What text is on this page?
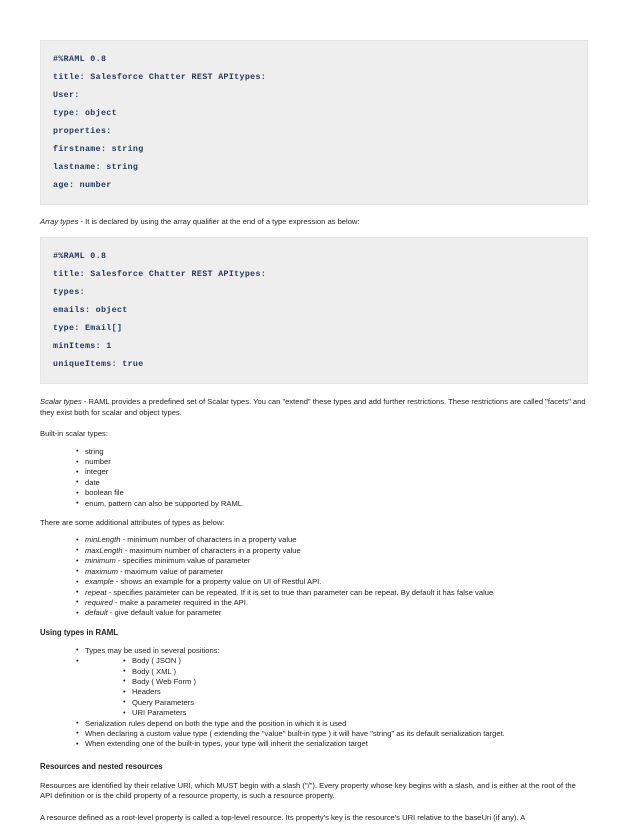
#%RAML 0.8
title: Salesforce Chatter REST APItypes:
User:
type: object
properties:
firstname: string
lastname: string
age: number

Array types - It is declared by using the array qualifier at the end of a type expression as below:

#%RAML 0.8
title: Salesforce Chatter REST APItypes:
types:
emails: object
type: Email[]
minItems: 1
uniqueItems: true

Scalar types - RAML provides a predefined set of Scalar types. You can "extend" these types and add further restrictions. These restrictions are called "facets" and they exist both for scalar and object types.

Built-in scalar types:

• string
• number
• integer
• date
• boolean file
• enum, pattern can also be supported by RAML.

There are some additional attributes of types as below:

• minLength - minimum number of characters in a property value
• maxLength - maximum number of characters in a property value
• minimum - specifies minimum value of parameter
• maximum - maximum value of parameter
• example - shows an example for a property value on UI of Restful API.
• repeat - specifies parameter can be repeated. If it is set to true than parameter can be repeat. By default it has false value
• required - make a parameter required in the API.
• default - give default value for parameter

Using types in RAML

• Types may be used in several positions:
• • Body ( JSON )
• Body ( XML )
• Body ( Web Form )
• Headers
• Query Parameters
• URI Parameters
• Serialization rules depend on both the type and the position in which it is used
• When declaring a custom value type ( extending the "value" built-in type ) it will have "string" as its default serialization target.
• When extending one of the built-in types, your type will inherit the serialization target

Resources and nested resources

Resources are identified by their relative URI, which MUST begin with a slash ("/"). Every property whose key begins with a slash, and is either at the root of the API definition or is the child property of a resource property, is such a resource property.

A resource defined as a root-level property is called a top-level resource. Its property's key is the resource's URI relative to the baseUri (if any). A
